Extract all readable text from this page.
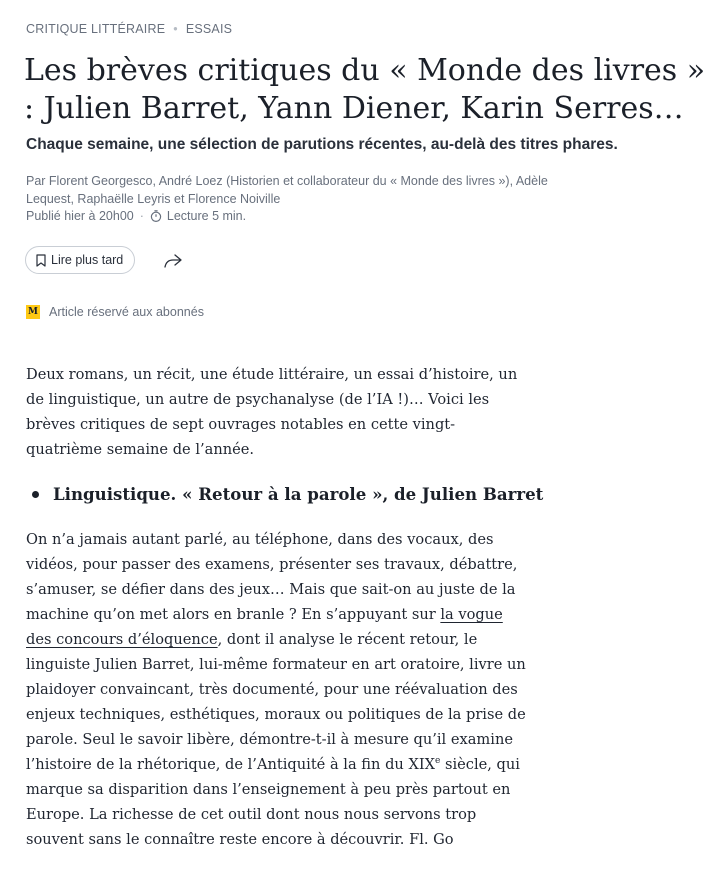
CRITIQUE LITTÉRAIRE • ESSAIS
Les brèves critiques du « Monde des livres » : Julien Barret, Yann Diener, Karin Serres…

Chaque semaine, une sélection de parutions récentes, au-delà des titres phares.

Par Florent Georgesco, André Loez (Historien et collaborateur du « Monde des livres »), Adèle Lequest, Raphaëlle Leyris et Florence Noiville
Publié hier à 20h00 · Lecture 5 min.
Lire plus tard
M Article réservé aux abonnés

Deux romans, un récit, une étude littéraire, un essai d’histoire, un de linguistique, un autre de psychanalyse (de l’IA !)… Voici les brèves critiques de sept ouvrages notables en cette vingt-quatrième semaine de l’année.

Linguistique. « Retour à la parole », de Julien Barret

On n’a jamais autant parlé, au téléphone, dans des vocaux, des vidéos, pour passer des examens, présenter ses travaux, débattre, s’amuser, se défier dans des jeux… Mais que sait-on au juste de la machine qu’on met alors en branle ? En s’appuyant sur la vogue des concours d’éloquence, dont il analyse le récent retour, le linguiste Julien Barret, lui-même formateur en art oratoire, livre un plaidoyer convaincant, très documenté, pour une réévaluation des enjeux techniques, esthétiques, moraux ou politiques de la prise de parole. Seul le savoir libère, démontre-t-il à mesure qu’il examine l’histoire de la rhétorique, de l’Antiquité à la fin du XIXe siècle, qui marque sa disparition dans l’enseignement à peu près partout en Europe. La richesse de cet outil dont nous nous servons trop souvent sans le connaître reste encore à découvrir. Fl. Go
